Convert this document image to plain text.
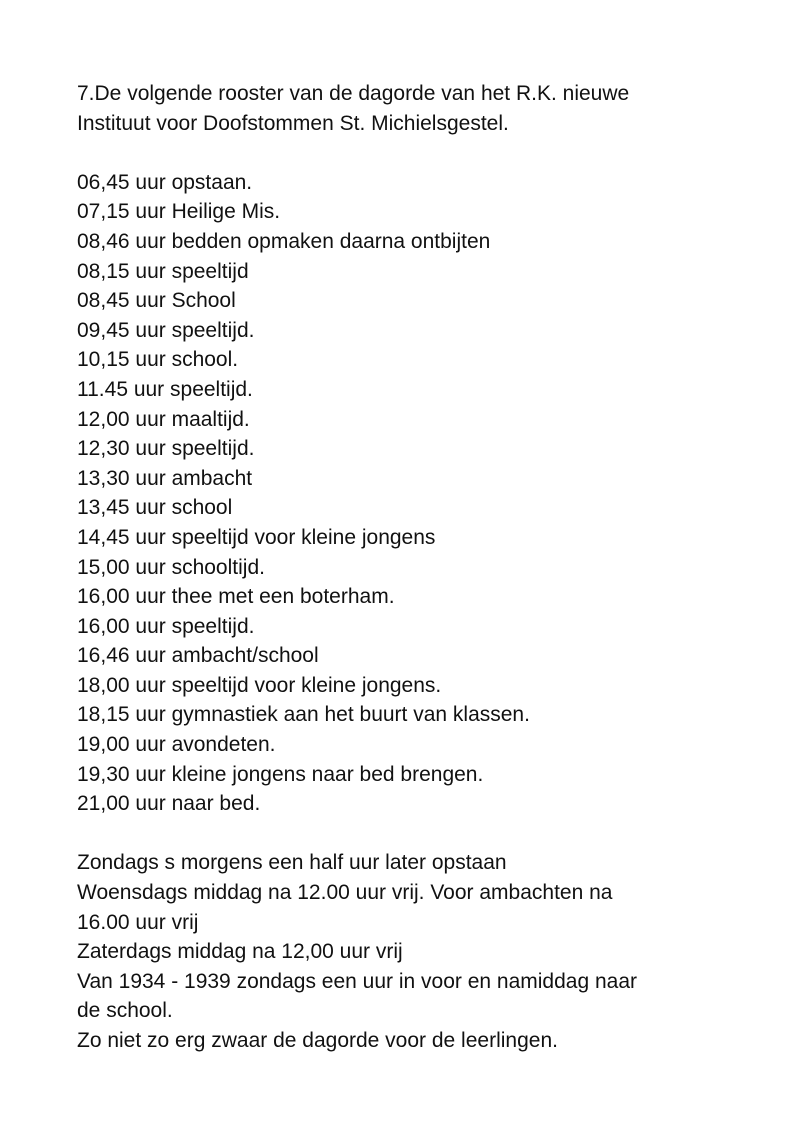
7.De volgende rooster van de dagorde van het R.K. nieuwe
Instituut voor Doofstommen St. Michielsgestel.
06,45 uur opstaan.
07,15 uur Heilige Mis.
08,46 uur bedden opmaken daarna ontbijten
08,15 uur speeltijd
08,45 uur School
09,45 uur speeltijd.
10,15 uur school.
11.45 uur speeltijd.
12,00 uur maaltijd.
12,30 uur speeltijd.
13,30 uur ambacht
13,45 uur school
14,45 uur speeltijd voor kleine jongens
15,00 uur schooltijd.
16,00 uur thee met een boterham.
16,00 uur speeltijd.
16,46 uur ambacht/school
18,00 uur speeltijd voor kleine jongens.
18,15 uur gymnastiek aan het buurt van klassen.
19,00 uur avondeten.
19,30 uur kleine jongens naar bed brengen.
21,00 uur naar bed.
Zondags s morgens een half uur later opstaan
Woensdags middag na 12.00 uur vrij. Voor ambachten na
16.00 uur vrij
Zaterdags middag na 12,00 uur vrij
Van 1934 - 1939 zondags een uur in voor en namiddag naar
de school.
Zo niet zo erg zwaar de dagorde voor de leerlingen.
